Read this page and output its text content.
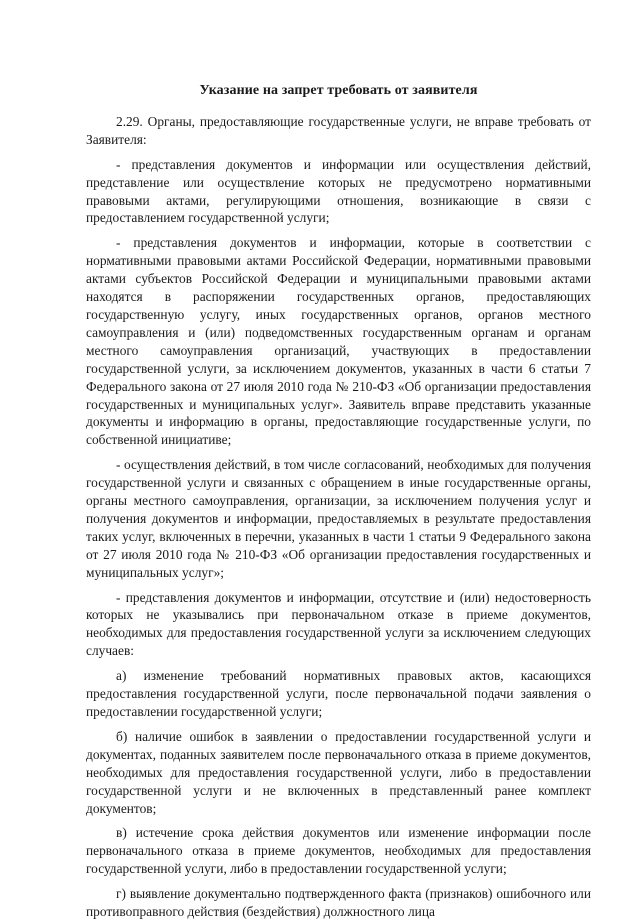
Указание на запрет требовать от заявителя

2.29. Органы, предоставляющие государственные услуги, не вправе требовать от Заявителя:

- представления документов и информации или осуществления действий, представление или осуществление которых не предусмотрено нормативными правовыми актами, регулирующими отношения, возникающие в связи с предоставлением государственной услуги;

- представления документов и информации, которые в соответствии с нормативными правовыми актами Российской Федерации, нормативными правовыми актами субъектов Российской Федерации и муниципальными правовыми актами находятся в распоряжении государственных органов, предоставляющих государственную услугу, иных государственных органов, органов местного самоуправления и (или) подведомственных государственным органам и органам местного самоуправления организаций, участвующих в предоставлении государственной услуги, за исключением документов, указанных в части 6 статьи 7 Федерального закона от 27 июля 2010 года № 210-ФЗ «Об организации предоставления государственных и муниципальных услуг». Заявитель вправе представить указанные документы и информацию в органы, предоставляющие государственные услуги, по собственной инициативе;

- осуществления действий, в том числе согласований, необходимых для получения государственной услуги и связанных с обращением в иные государственные органы, органы местного самоуправления, организации, за исключением получения услуг и получения документов и информации, предоставляемых в результате предоставления таких услуг, включенных в перечни, указанных в части 1 статьи 9 Федерального закона от 27 июля 2010 года № 210-ФЗ «Об организации предоставления государственных и муниципальных услуг»;

- представления документов и информации, отсутствие и (или) недостоверность которых не указывались при первоначальном отказе в приеме документов, необходимых для предоставления государственной услуги за исключением следующих случаев:

а) изменение требований нормативных правовых актов, касающихся предоставления государственной услуги, после первоначальной подачи заявления о предоставлении государственной услуги;

б) наличие ошибок в заявлении о предоставлении государственной услуги и документах, поданных заявителем после первоначального отказа в приеме документов, необходимых для предоставления государственной услуги, либо в предоставлении государственной услуги и не включенных в представленный ранее комплект документов;

в) истечение срока действия документов или изменение информации после первоначального отказа в приеме документов, необходимых для предоставления государственной услуги, либо в предоставлении государственной услуги;

г) выявление документально подтвержденного факта (признаков) ошибочного или противоправного действия (бездействия) должностного лица
